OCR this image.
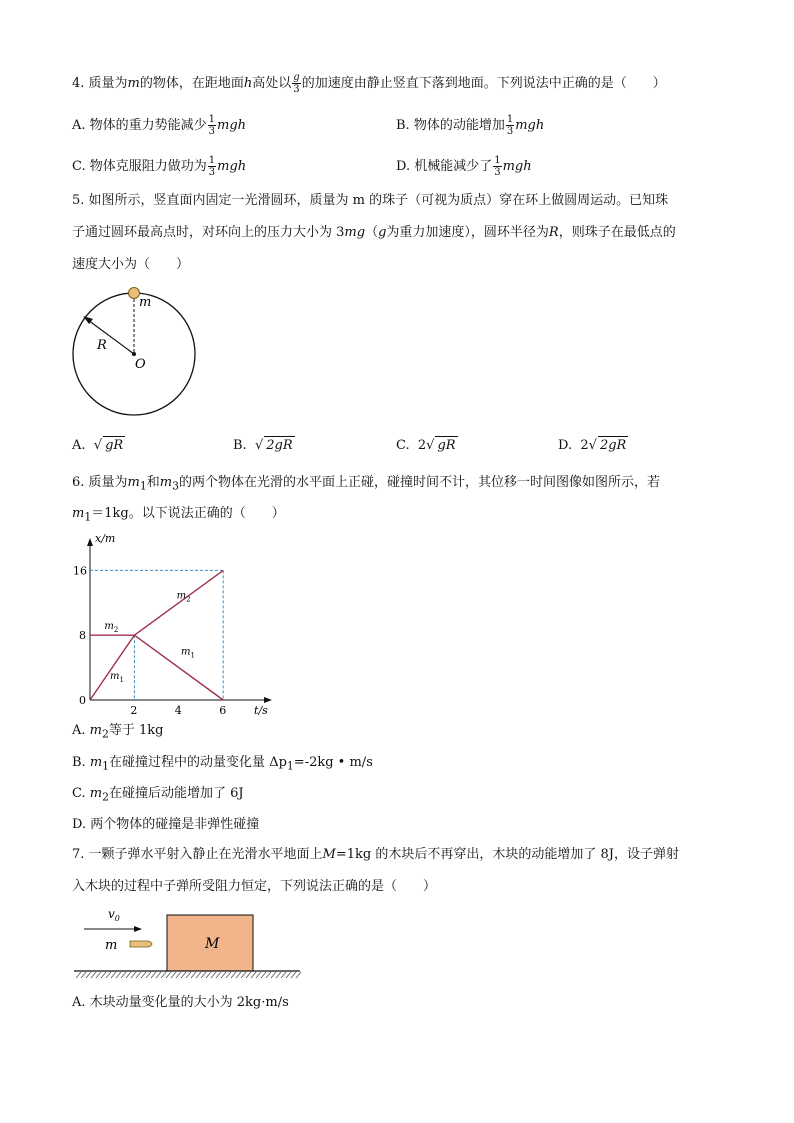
4. 质量为m的物体，在距地面h高处以 $\frac{g}{3}$ 的加速度由静止竖直下落到地面。下列说法中正确的是（　　）
A. 物体的重力势能减少 $\frac{1}{3}$ mgh	B. 物体的动能增加 $\frac{1}{3}$ mgh
C. 物体克服阻力做功为 $\frac{1}{3}$ mgh	D. 机械能减少了 $\frac{1}{3}$ mgh
5. 如图所示，竖直面内固定一光滑圆环，质量为 m 的珠子（可视为质点）穿在环上做圆周运动。已知珠
子通过圆环最高点时，对环向上的压力大小为 3mg（g为重力加速度），圆环半径为R，则珠子在最低点的
速度大小为（　　）
m
R
O
A. √ gR	B. √ 2gR	C. 2√ gR	D. 2√ 2gR
6. 质量为$m_1$和$m_3$的两个物体在光滑的水平面上正碰，碰撞时间不计，其位移一时间图像如图所示，若
$m_1=1kg$。以下说法正确的（　　）
x/m
t/s
0
2	4	6
8
16
$m_2$
$m_2$
$m_1$
$m_1$
A. $m_2$等于 1kg
B. $m_1$在碰撞过程中的动量变化量 $\Delta p_1=-2kg$ • m/s
C. $m_2$在碰撞后动能增加了 6J
D. 两个物体的碰撞是非弹性碰撞
7. 一颗子弹水平射入静止在光滑水平地面上M=1kg 的木块后不再穿出，木块的动能增加了 8J，设子弹射
入木块的过程中子弹所受阻力恒定，下列说法正确的是（　　）
$v_0$
m	M
A. 木块动量变化量的大小为 2kg·m/s
